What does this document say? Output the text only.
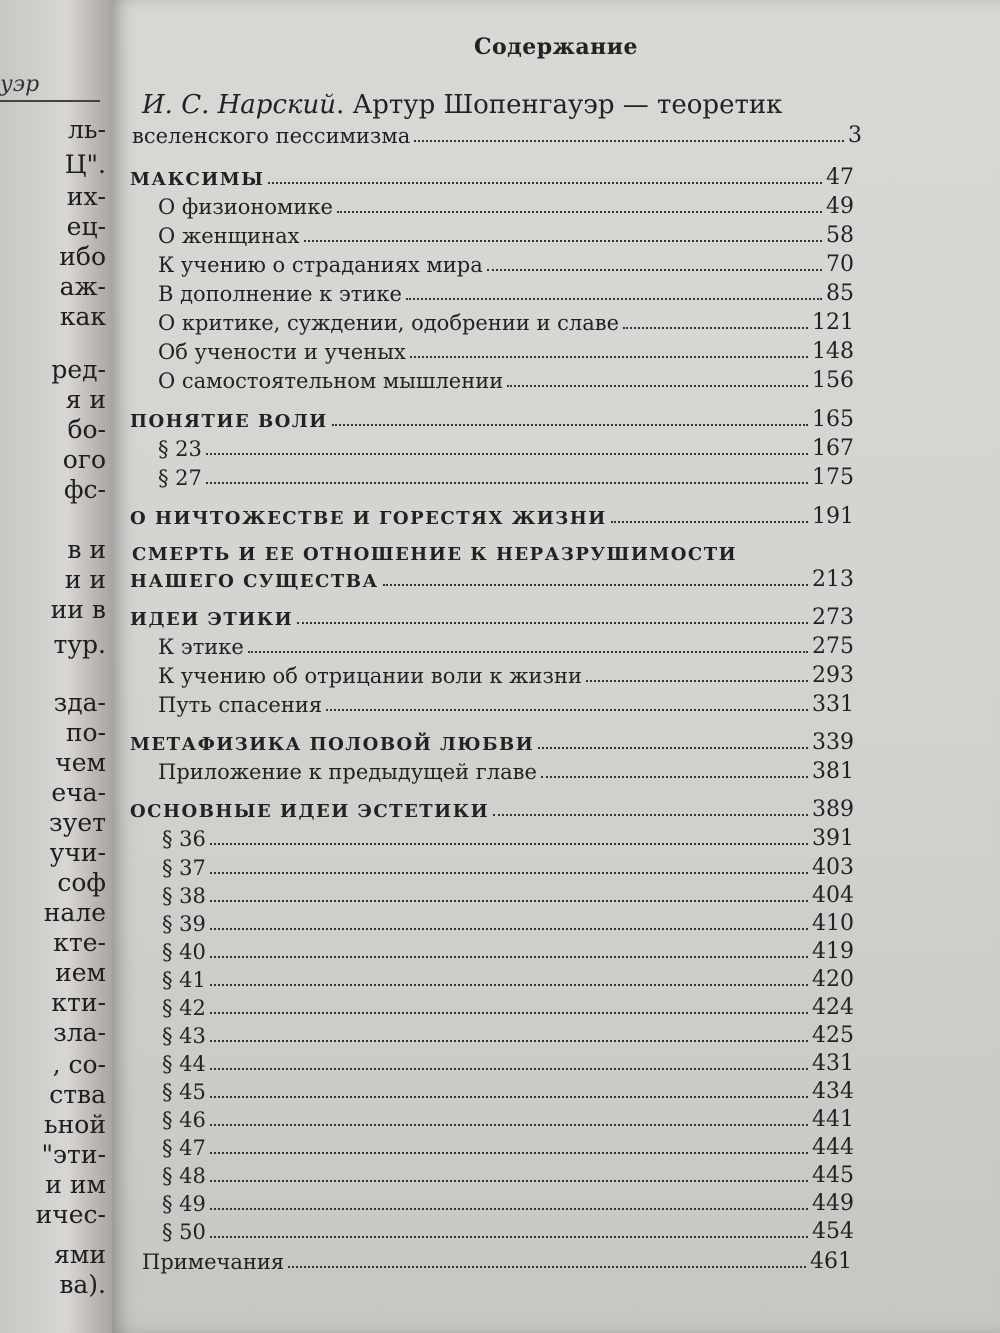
уэр
ль-
Ц".
их-
ец-
ибо
аж-
как
ред-
я и
бо-
ого
фс-
в и
и и
ии в
тур.
зда-
по-
чем
еча-
зует
учи-
соф
нале
ктe-
ием
кти-
зла-
, со-
ства
ьной
"эти-
и им
ичес-
ями
ва).
Содержание
И. С. Нарский. Артур Шопенгауэр — теоретик
вселенского пессимизма	3
МАКСИМЫ	47
О физиономике	49
О женщинах	58
К учению о страданиях мира	70
В дополнение к этике	85
О критике, суждении, одобрении и славе	121
Об учености и ученых	148
О самостоятельном мышлении	156
ПОНЯТИЕ ВОЛИ	165
§ 23	167
§ 27	175
О НИЧТОЖЕСТВЕ И ГОРЕСТЯХ ЖИЗНИ	191
СМЕРТЬ И ЕЕ ОТНОШЕНИЕ К НЕРАЗРУШИМОСТИ
НАШЕГО СУЩЕСТВА	213
ИДЕИ ЭТИКИ	273
К этике	275
К учению об отрицании воли к жизни	293
Путь спасения	331
МЕТАФИЗИКА ПОЛОВОЙ ЛЮБВИ	339
Приложение к предыдущей главе	381
ОСНОВНЫЕ ИДЕИ ЭСТЕТИКИ	389
§ 36	391
§ 37	403
§ 38	404
§ 39	410
§ 40	419
§ 41	420
§ 42	424
§ 43	425
§ 44	431
§ 45	434
§ 46	441
§ 47	444
§ 48	445
§ 49	449
§ 50	454
Примечания	461
